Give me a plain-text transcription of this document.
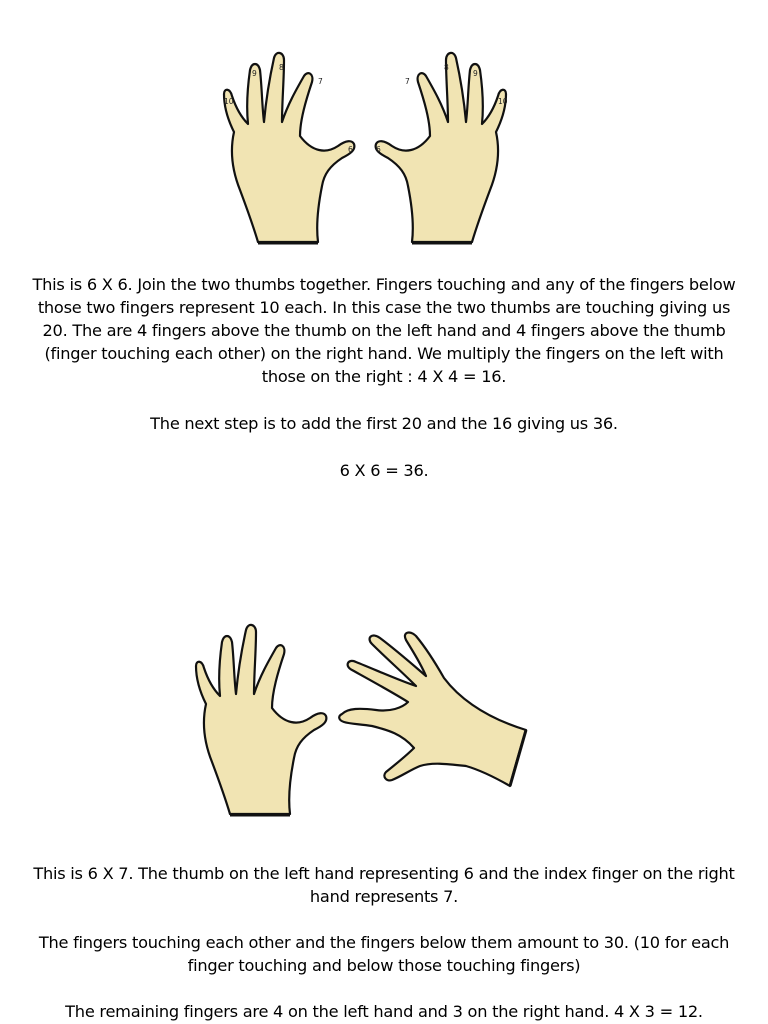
9
8
7
10
6
7
8
9
10
6

This is 6 X 6. Join the two thumbs together. Fingers touching and any of the fingers below those two fingers represent 10 each. In this case the two thumbs are touching giving us 20. The are 4 fingers above the thumb on the left hand and 4 fingers above the thumb (finger touching each other) on the right hand. We multiply the fingers on the left with those on the right : 4 X 4 = 16.

The next step is to add the first 20 and the 16 giving us 36.

6 X 6 = 36.

This is 6 X 7. The thumb on the left hand representing 6 and the index finger on the right hand represents 7.

The fingers touching each other and the fingers below them amount to 30. (10 for each finger touching and below those touching fingers)

The remaining fingers are 4 on the left hand and 3 on the right hand. 4 X 3 = 12.
